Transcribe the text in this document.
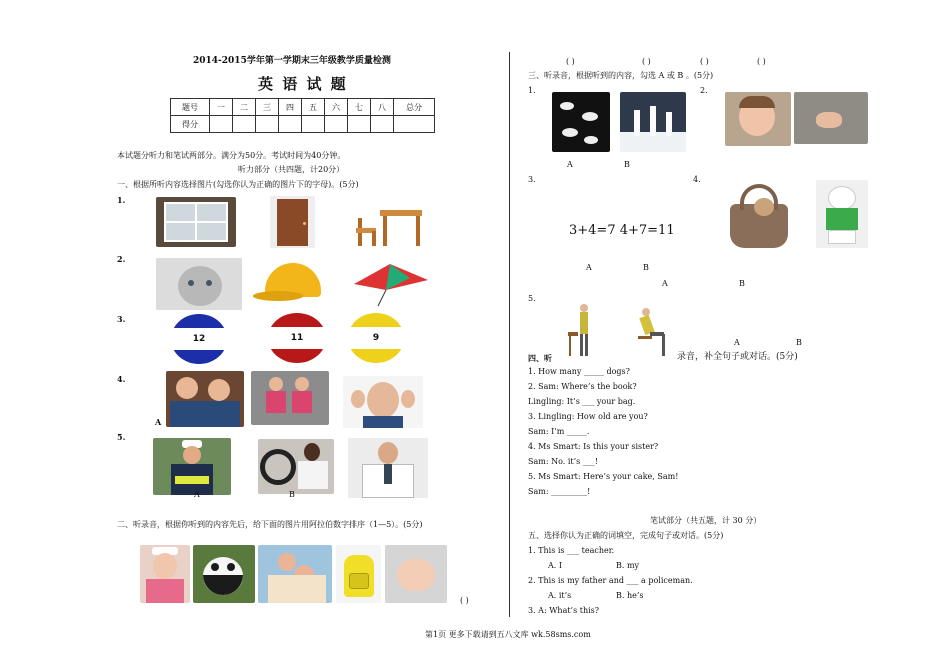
2014-2015学年第一学期末三年级教学质量检测
英 语 试 题
题号	一	二	三	四	五	六	七	八	总分
得分									
本试题分听力和笔试两部分。满分为50分。考试时间为40分钟。
听力部分（共四题，计20分）
一、根据所听内容选择图片(勾选你认为正确的图片下的字母)。(5分)
1.
2.
3.
12	11	9
4.
A
5.
A	B
二、听录音，根据你听到的内容先后，给下面的图片用阿拉伯数字排序（1—5）。(5分)
( )
( )	( )	( )	( )
三、听录音，根据听到的内容，勾选 A 或 B 。(5分)
1.
A	B
2.
3.
3+4=7 4+7=11
A	B
4.
A	B
5.
A	B
四、听	录音，补全句子或对话。(5分)
1. How many _____ dogs?
2. Sam: Where’s the book?
Lingling: It’s ___ your bag.
3. Lingling: How old are you?
Sam: I’m _____.
4. Ms Smart: Is this your sister?
Sam: No. it’s ___!
5. Ms Smart: Here’s your cake, Sam!
Sam: _________!
笔试部分（共五题，计 30 分）
五、选择你认为正确的词填空，完成句子或对话。(5分)
1. This is ___ teacher.
A. I	B. my
2. This is my father and ___ a policeman.
A. it’s	B. he’s
3. A: What’s this?
第1页 更多下载请到五八文库 wk.58sms.com
